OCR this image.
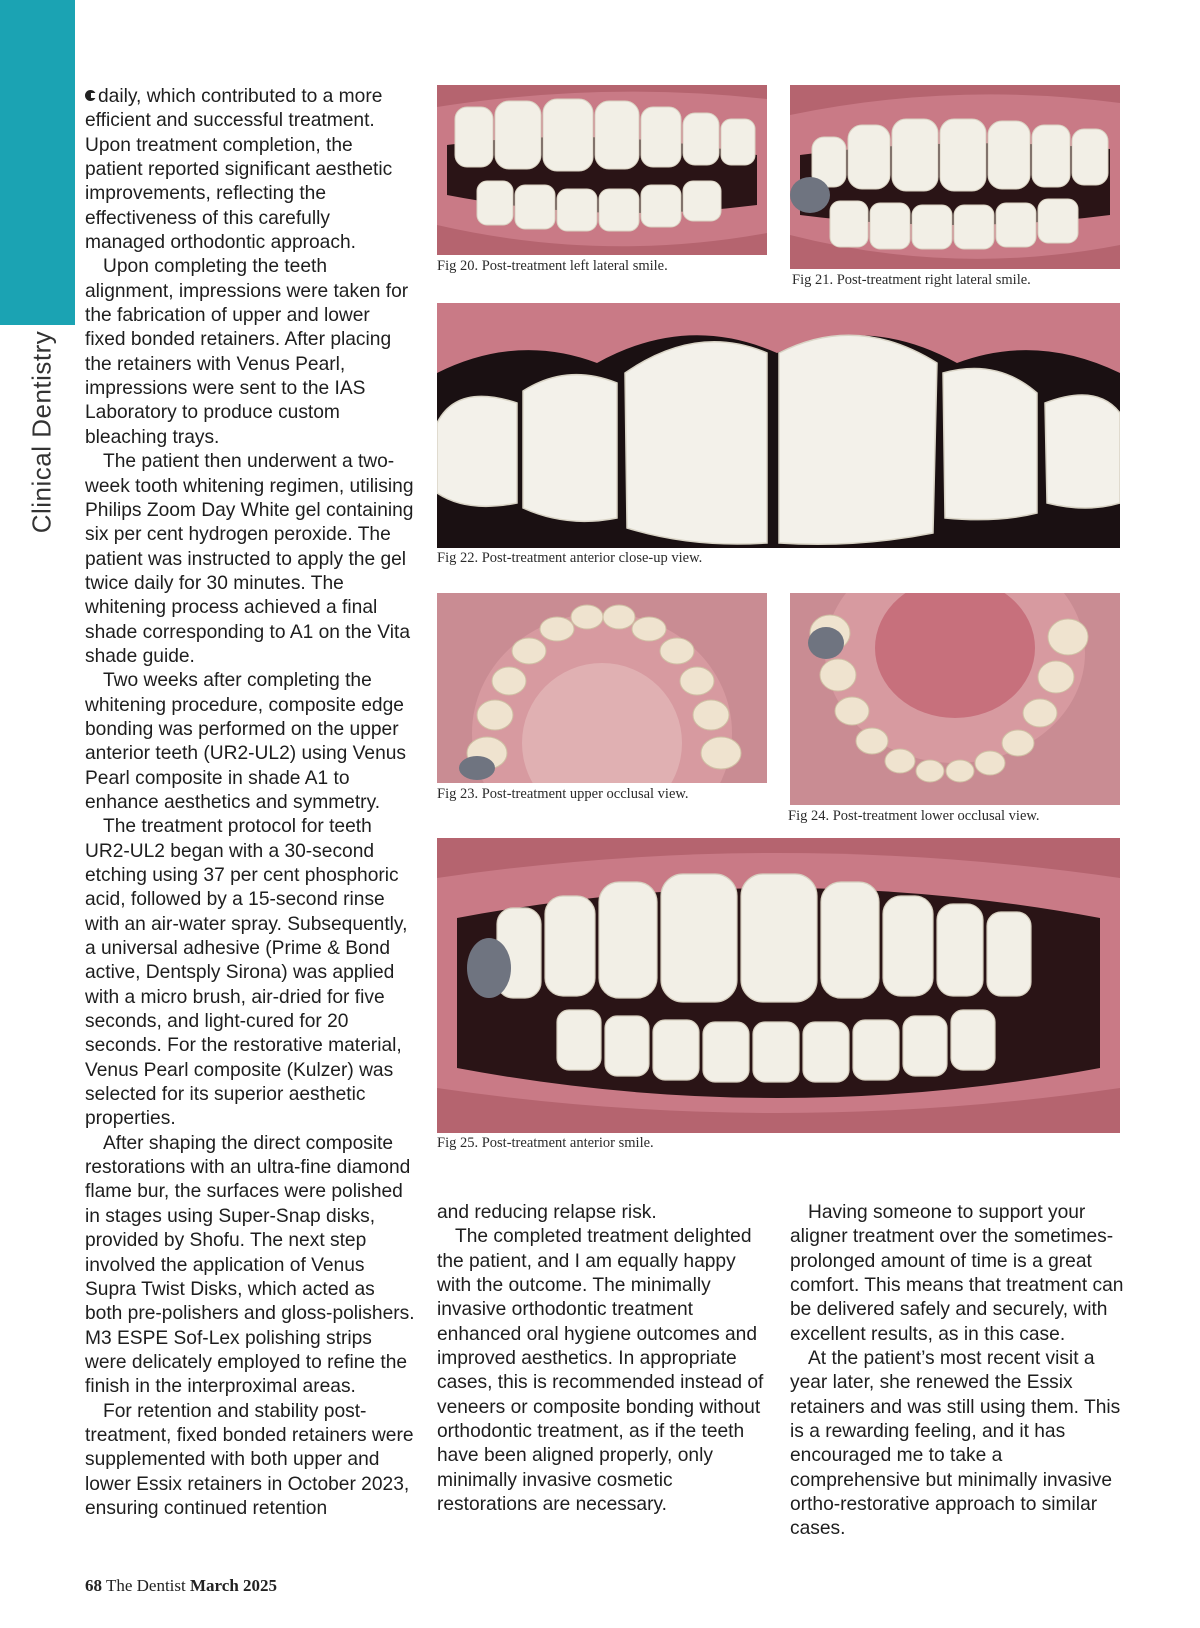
Clinical Dentistry

daily, which contributed to a more efficient and successful treatment. Upon treatment completion, the patient reported significant aesthetic improvements, reflecting the effectiveness of this carefully managed orthodontic approach.

Upon completing the teeth alignment, impressions were taken for the fabrication of upper and lower fixed bonded retainers. After placing the retainers with Venus Pearl, impressions were sent to the IAS Laboratory to produce custom bleaching trays.

The patient then underwent a two-week tooth whitening regimen, utilising Philips Zoom Day White gel containing six per cent hydrogen peroxide. The patient was instructed to apply the gel twice daily for 30 minutes. The whitening process achieved a final shade corresponding to A1 on the Vita shade guide.

Two weeks after completing the whitening procedure, composite edge bonding was performed on the upper anterior teeth (UR2-UL2) using Venus Pearl composite in shade A1 to enhance aesthetics and symmetry.

The treatment protocol for teeth UR2-UL2 began with a 30-second etching using 37 per cent phosphoric acid, followed by a 15-second rinse with an air-water spray. Subsequently, a universal adhesive (Prime & Bond active, Dentsply Sirona) was applied with a micro brush, air-dried for five seconds, and light-cured for 20 seconds. For the restorative material, Venus Pearl composite (Kulzer) was selected for its superior aesthetic properties.

After shaping the direct composite restorations with an ultra-fine diamond flame bur, the surfaces were polished in stages using Super-Snap disks, provided by Shofu. The next step involved the application of Venus Supra Twist Disks, which acted as both pre-polishers and gloss-polishers. M3 ESPE Sof-Lex polishing strips were delicately employed to refine the finish in the interproximal areas.

For retention and stability post-treatment, fixed bonded retainers were supplemented with both upper and lower Essix retainers in October 2023, ensuring continued retention

Fig 20. Post-treatment left lateral smile.
Fig 21. Post-treatment right lateral smile.
Fig 22. Post-treatment anterior close-up view.
Fig 23. Post-treatment upper occlusal view.
Fig 24. Post-treatment lower occlusal view.
Fig 25. Post-treatment anterior smile.

and reducing relapse risk.

The completed treatment delighted the patient, and I am equally happy with the outcome. The minimally invasive orthodontic treatment enhanced oral hygiene outcomes and improved aesthetics. In appropriate cases, this is recommended instead of veneers or composite bonding without orthodontic treatment, as if the teeth have been aligned properly, only minimally invasive cosmetic restorations are necessary.

Having someone to support your aligner treatment over the sometimes-prolonged amount of time is a great comfort. This means that treatment can be delivered safely and securely, with excellent results, as in this case.

At the patient’s most recent visit a year later, she renewed the Essix retainers and was still using them. This is a rewarding feeling, and it has encouraged me to take a comprehensive but minimally invasive ortho-restorative approach to similar cases.

68 The Dentist March 2025
